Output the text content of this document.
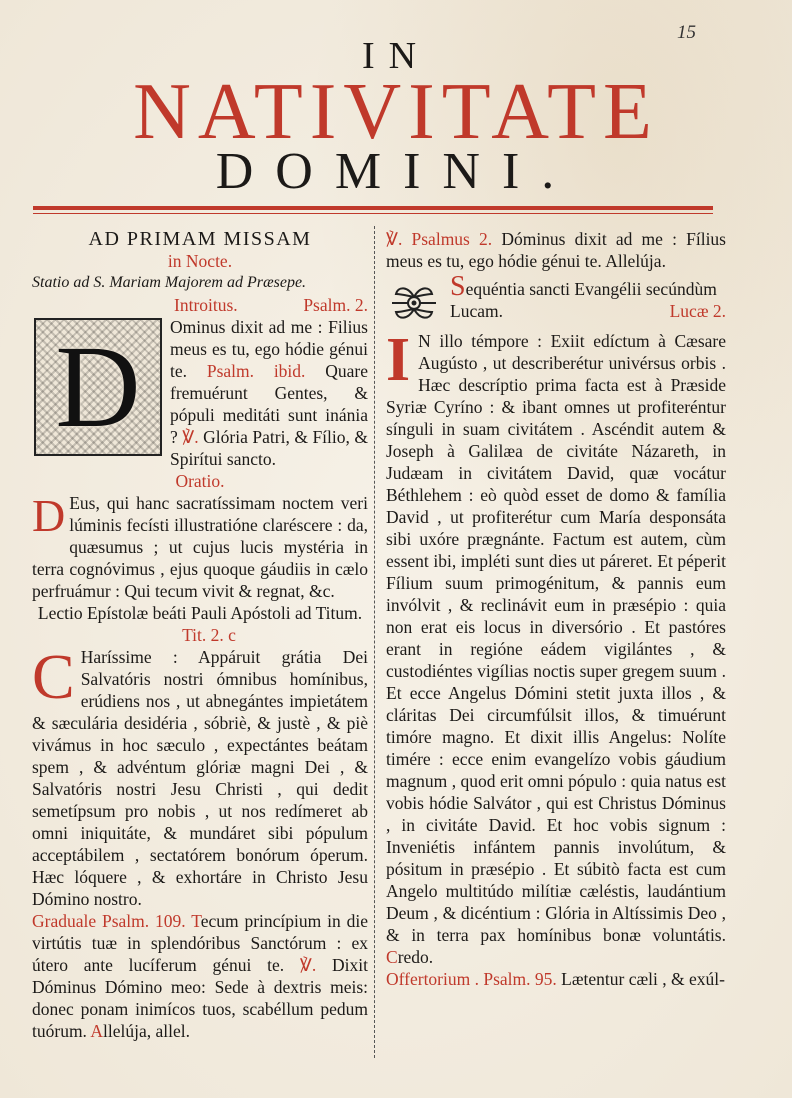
15
IN
NATIVITATE
DOMINI.
AD PRIMAM MISSAM
in Nocte.
Statio ad S. Mariam Majorem ad Præsepe.
Introitus.	Psalm. 2.
D	Ominus dixit ad me : Filius meus es tu, ego hódie génui te. Psalm. ibid. Quare fremuérunt Gentes, & pópuli meditáti sunt inánia ? ℣. Glória Patri, & Fílio, & Spirítui sancto.

Oratio.

D Eus, qui hanc sacratíssimam noctem veri lúminis fecísti illustratióne claréscere : da, quæsumus ; ut cujus lucis mystéria in terra cognóvimus , ejus quoque gáudiis in cælo perfruámur : Qui tecum vivit & regnat, &c.

Lectio Epístolæ beáti Pauli Apóstoli ad Titum. Tit. 2. c

C Haríssime : Appáruit grátia Dei Salvatóris nostri ómnibus homínibus, erúdiens nos , ut abnegántes impietátem & sæculária desidéria , sóbriè, & justè , & piè vivámus in hoc sæculo , expectántes beátam spem , & advéntum glóriæ magni Dei , & Salvatóris nostri Jesu Christi , qui dedit semetípsum pro nobis , ut nos redímeret ab omni iniquitáte, & mundáret sibi pópulum acceptábilem , sectatórem bonórum óperum. Hæc lóquere , & exhortáre in Christo Jesu Dómino nostro.

Graduale Psalm. 109. Tecum princípium in die virtútis tuæ in splendóribus Sanctórum : ex útero ante lucíferum génui te. ℣. Dixit Dóminus Dómino meo: Sede à dextris meis: donec ponam inimícos tuos, scabéllum pedum tuórum. Allelúja, allel.

℣. Psalmus 2. Dóminus dixit ad me : Fílius meus es tu, ego hódie génui te. Allelúja.

Sequéntia sancti Evangélii secúndùm Lucam.	Lucæ 2.

I N illo témpore : Exiit edíctum à Cæsare Augústo , ut describerétur univérsus orbis . Hæc descríptio prima facta est à Præside Syriæ Cyríno : & ibant omnes ut profiteréntur sínguli in suam civitátem . Ascéndit autem & Joseph à Galilæa de civitáte Názareth, in Judæam in civitátem David, quæ vocátur Béthlehem : eò quòd esset de domo & família David , ut profiterétur cum María desponsáta sibi uxóre prægnánte. Factum est autem, cùm essent ibi, impléti sunt dies ut páreret. Et péperit Fílium suum primogénitum, & pannis eum invólvit , & reclinávit eum in præsépio : quia non erat eis locus in diversório . Et pastóres erant in regióne eádem vigilántes , & custodiéntes vigílias noctis super gregem suum . Et ecce Angelus Dómini stetit juxta illos , & cláritas Dei circumfúlsit illos, & timuérunt timóre magno. Et dixit illis Angelus: Nolíte timére : ecce enim evangelízo vobis gáudium magnum , quod erit omni pópulo : quia natus est vobis hódie Salvátor , qui est Christus Dóminus , in civitáte David. Et hoc vobis signum : Inveniétis infántem pannis involútum, & pósitum in præsépio . Et súbitò facta est cum Angelo multitúdo milítiæ cæléstis, laudántium Deum , & dicéntium : Glória in Altíssimis Deo , & in terra pax homínibus bonæ voluntátis. Credo.

Offertorium . Psalm. 95. Lætentur cæli , & exúl-
